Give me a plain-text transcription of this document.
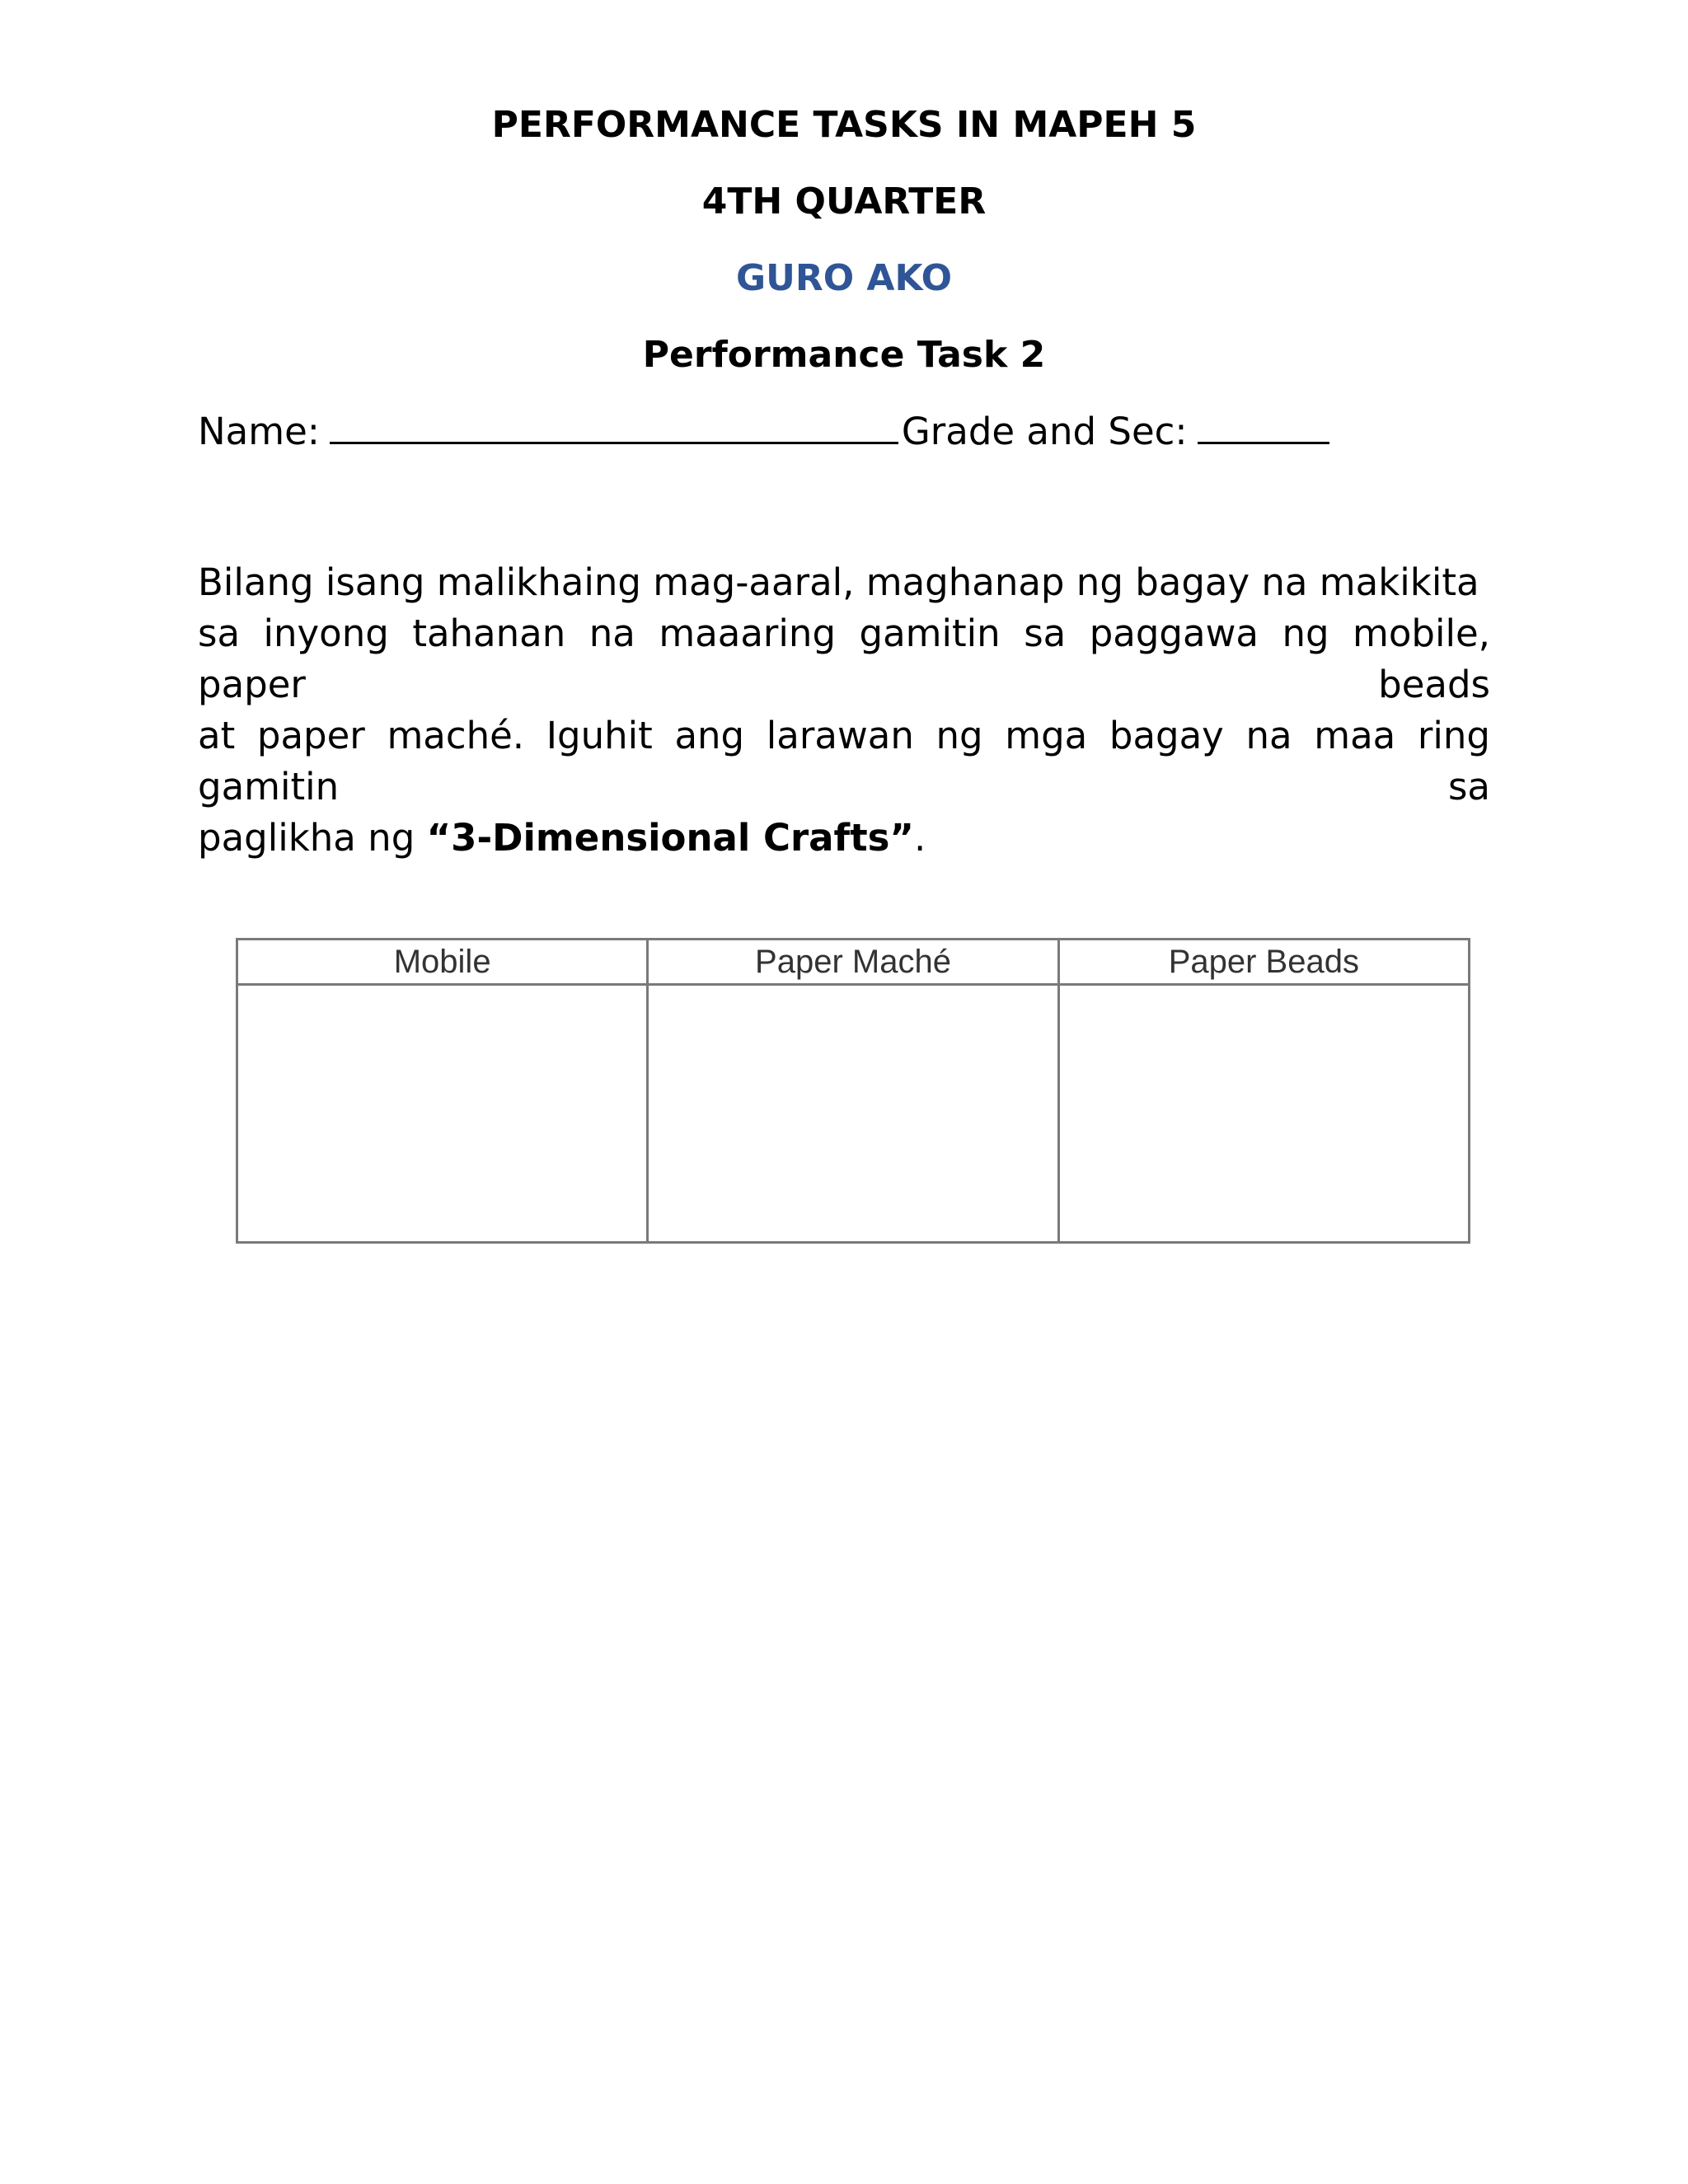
PERFORMANCE TASKS IN MAPEH 5
4TH QUARTER
GURO AKO
Performance Task 2
Name:	Grade and Sec:
Bilang isang malikhaing mag-aaral, maghanap ng bagay na makikita
sa inyong tahanan na maaaring gamitin sa paggawa ng mobile, paper beads
at paper maché. Iguhit ang larawan ng mga bagay na maa ring gamitin sa
paglikha ng “3-Dimensional Crafts”.
Mobile	Paper Maché	Paper Beads
